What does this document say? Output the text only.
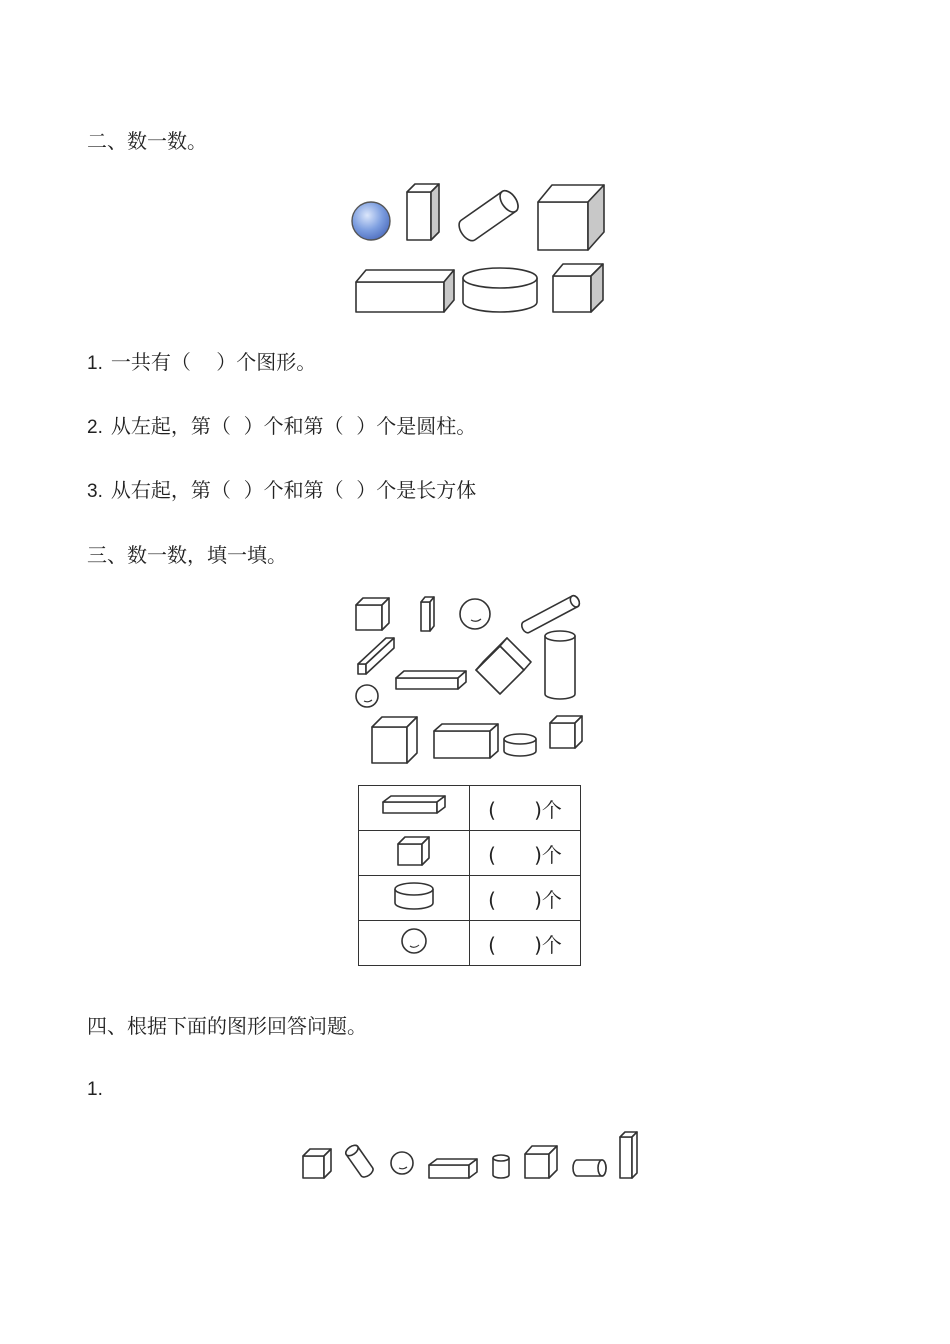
二、数一数。
1. 一共有（    ）个图形。
2. 从左起，第（  ）个和第（  ）个是圆柱。
3. 从右起，第（  ）个和第（  ）个是长方体
三、数一数，填一填。
	(      )个
	(      )个
	(      )个
	(      )个
四、根据下面的图形回答问题。
1.
